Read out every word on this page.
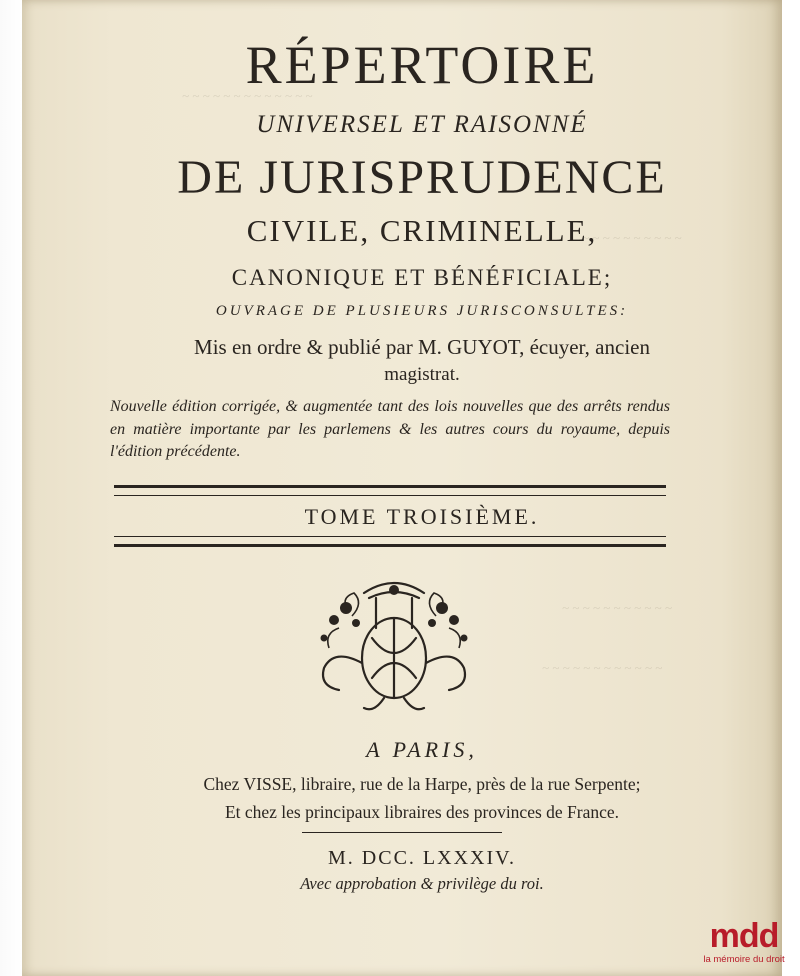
~ ~ ~ ~ ~ ~ ~ ~ ~ ~ ~ ~ ~
~ ~ ~ ~ ~ ~ ~ ~ ~ ~
~ ~ ~ ~ ~ ~ ~ ~ ~ ~ ~
~ ~ ~ ~ ~ ~ ~ ~ ~ ~ ~ ~
RÉPERTOIRE
UNIVERSEL ET RAISONNÉ
DE JURISPRUDENCE
CIVILE, CRIMINELLE,
CANONIQUE ET BÉNÉFICIALE;
OUVRAGE DE PLUSIEURS JURISCONSULTES:
Mis en ordre & publié par M. GUYOT, écuyer, ancien
magistrat.
Nouvelle édition corrigée, & augmentée tant des lois nouvelles que des arrêts rendus en matière importante par les parlemens & les autres cours du royaume, depuis l'édition précédente.
TOME TROISIÈME.
A PARIS,
Chez VISSE, libraire, rue de la Harpe, près de la rue Serpente;
Et chez les principaux libraires des provinces de France.
M. DCC. LXXXIV.
Avec approbation & privilège du roi.
mdd
la mémoire du droit
